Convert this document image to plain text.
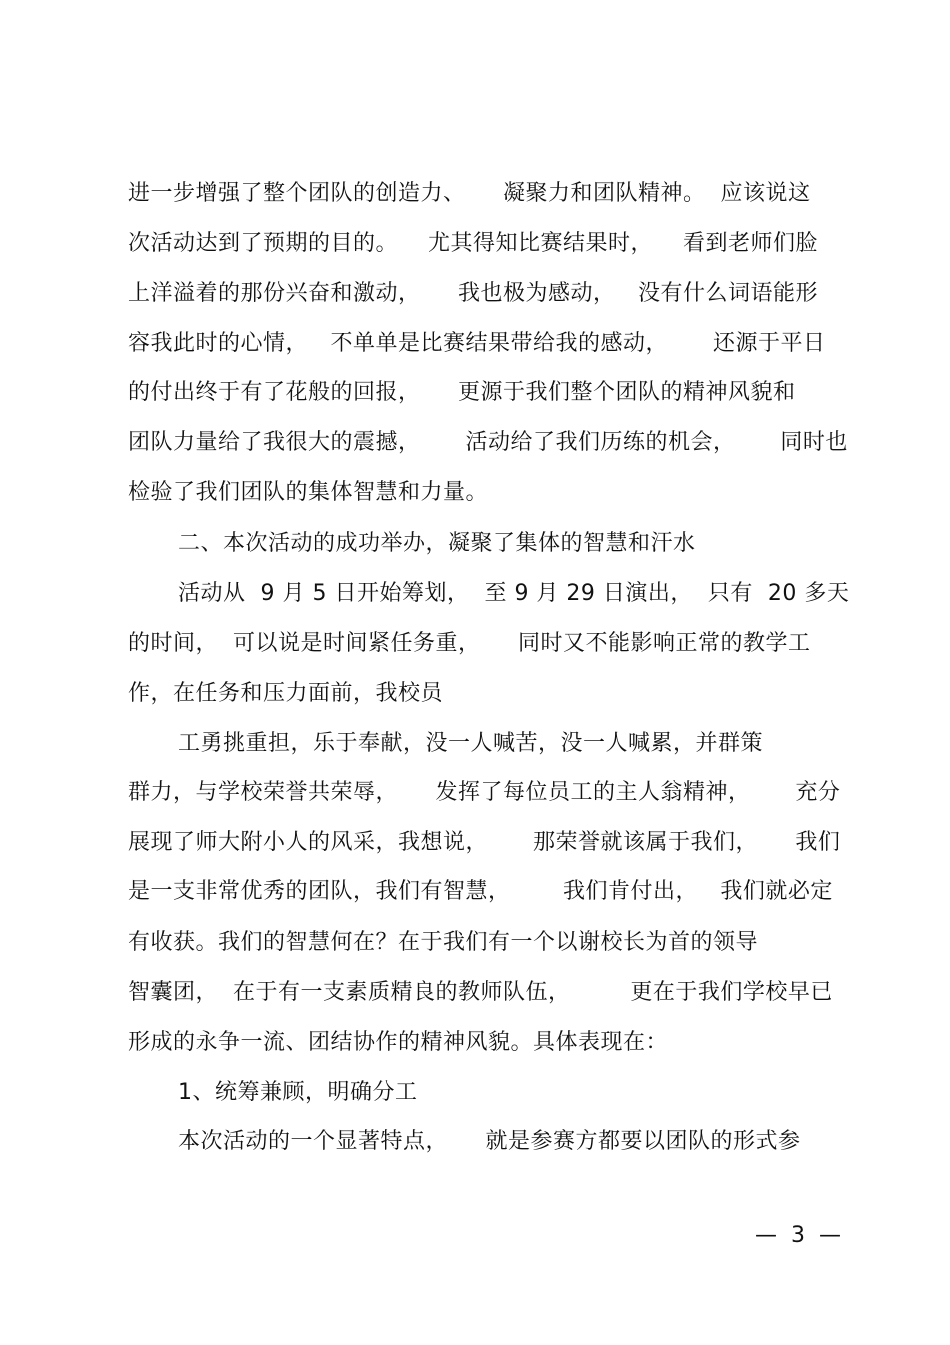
进一步增强了整个团队的创造力、     凝聚力和团队精神。  应该说这
次活动达到了预期的目的。    尤其得知比赛结果时，    看到老师们脸
上洋溢着的那份兴奋和激动，     我也极为感动，   没有什么词语能形
容我此时的心情，   不单单是比赛结果带给我的感动，      还源于平日
的付出终于有了花般的回报，     更源于我们整个团队的精神风貌和
团队力量给了我很大的震撼，      活动给了我们历练的机会，      同时也
检验了我们团队的集体智慧和力量。
二、本次活动的成功举办，凝聚了集体的智慧和汗水
活动从  9 月 5 日开始筹划，  至 9 月 29 日演出，  只有  20 多天
的时间，  可以说是时间紧任务重，     同时又不能影响正常的教学工
作，在任务和压力面前，我校员
工勇挑重担，乐于奉献，没一人喊苦，没一人喊累，并群策
群力，与学校荣誉共荣辱，     发挥了每位员工的主人翁精神，      充分
展现了师大附小人的风采，我想说，      那荣誉就该属于我们，     我们
是一支非常优秀的团队，我们有智慧，       我们肯付出，   我们就必定
有收获。我们的智慧何在？在于我们有一个以谢校长为首的领导
智囊团，  在于有一支素质精良的教师队伍，        更在于我们学校早已
形成的永争一流、团结协作的精神风貌。具体表现在：
1、统筹兼顾，明确分工
本次活动的一个显著特点，     就是参赛方都要以团队的形式参
—  3  —
